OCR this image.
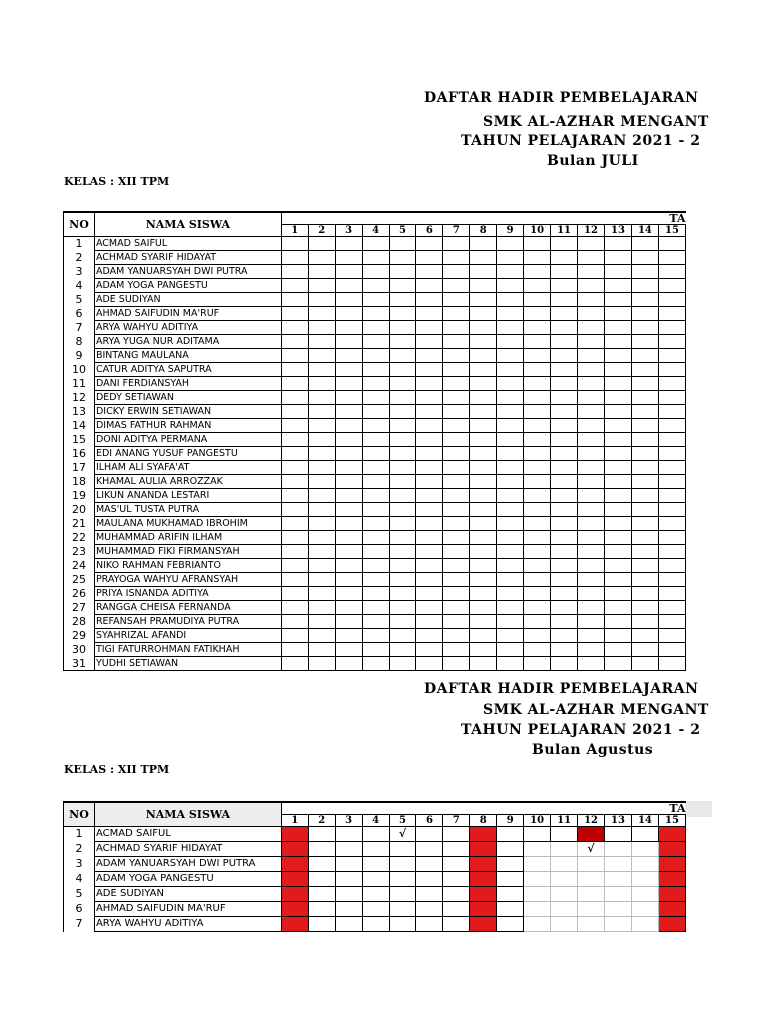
DAFTAR HADIR PEMBELAJARAN
SMK AL-AZHAR MENGANT
TAHUN PELAJARAN 2021 - 2
Bulan JULI
KELAS : XII TPM
NO	NAMA SISWA	TA														
		1	2	3	4	5	6	7	8	9	10	11	12	13	14	15
1	ACMAD SAIFUL															
2	ACHMAD SYARIF HIDAYAT															
3	ADAM YANUARSYAH DWI PUTRA															
4	ADAM YOGA PANGESTU															
5	ADE SUDIYAN															
6	AHMAD SAIFUDIN MA'RUF															
7	ARYA WAHYU ADITIYA															
8	ARYA YUGA NUR ADITAMA															
9	BINTANG MAULANA															
10	CATUR ADITYA SAPUTRA															
11	DANI FERDIANSYAH															
12	DEDY SETIAWAN															
13	DICKY ERWIN SETIAWAN															
14	DIMAS FATHUR RAHMAN															
15	DONI ADITYA PERMANA															
16	EDI ANANG YUSUF PANGESTU															
17	ILHAM ALI SYAFA'AT															
18	KHAMAL AULIA ARROZZAK															
19	LIKUN ANANDA LESTARI															
20	MAS'UL TUSTA PUTRA															
21	MAULANA MUKHAMAD IBROHIM															
22	MUHAMMAD ARIFIN ILHAM															
23	MUHAMMAD FIKI FIRMANSYAH															
24	NIKO RAHMAN FEBRIANTO															
25	PRAYOGA WAHYU AFRANSYAH															
26	PRIYA ISNANDA ADITIYA															
27	RANGGA CHEISA FERNANDA															
28	REFANSAH PRAMUDIYA PUTRA															
29	SYAHRIZAL AFANDI															
30	TIGI FATURROHMAN FATIKHAH															
31	YUDHI SETIAWAN															
DAFTAR HADIR PEMBELAJARAN
SMK AL-AZHAR MENGANT
TAHUN PELAJARAN 2021 - 2
Bulan Agustus
KELAS : XII TPM
NO	NAMA SISWA	TA														
		1	2	3	4	5	6	7	8	9	10	11	12	13	14	15
1	ACMAD SAIFUL					√										
2	ACHMAD SYARIF HIDAYAT												√			
3	ADAM YANUARSYAH DWI PUTRA															
4	ADAM YOGA PANGESTU															
5	ADE SUDIYAN															
6	AHMAD SAIFUDIN MA'RUF															
7	ARYA WAHYU ADITIYA															
